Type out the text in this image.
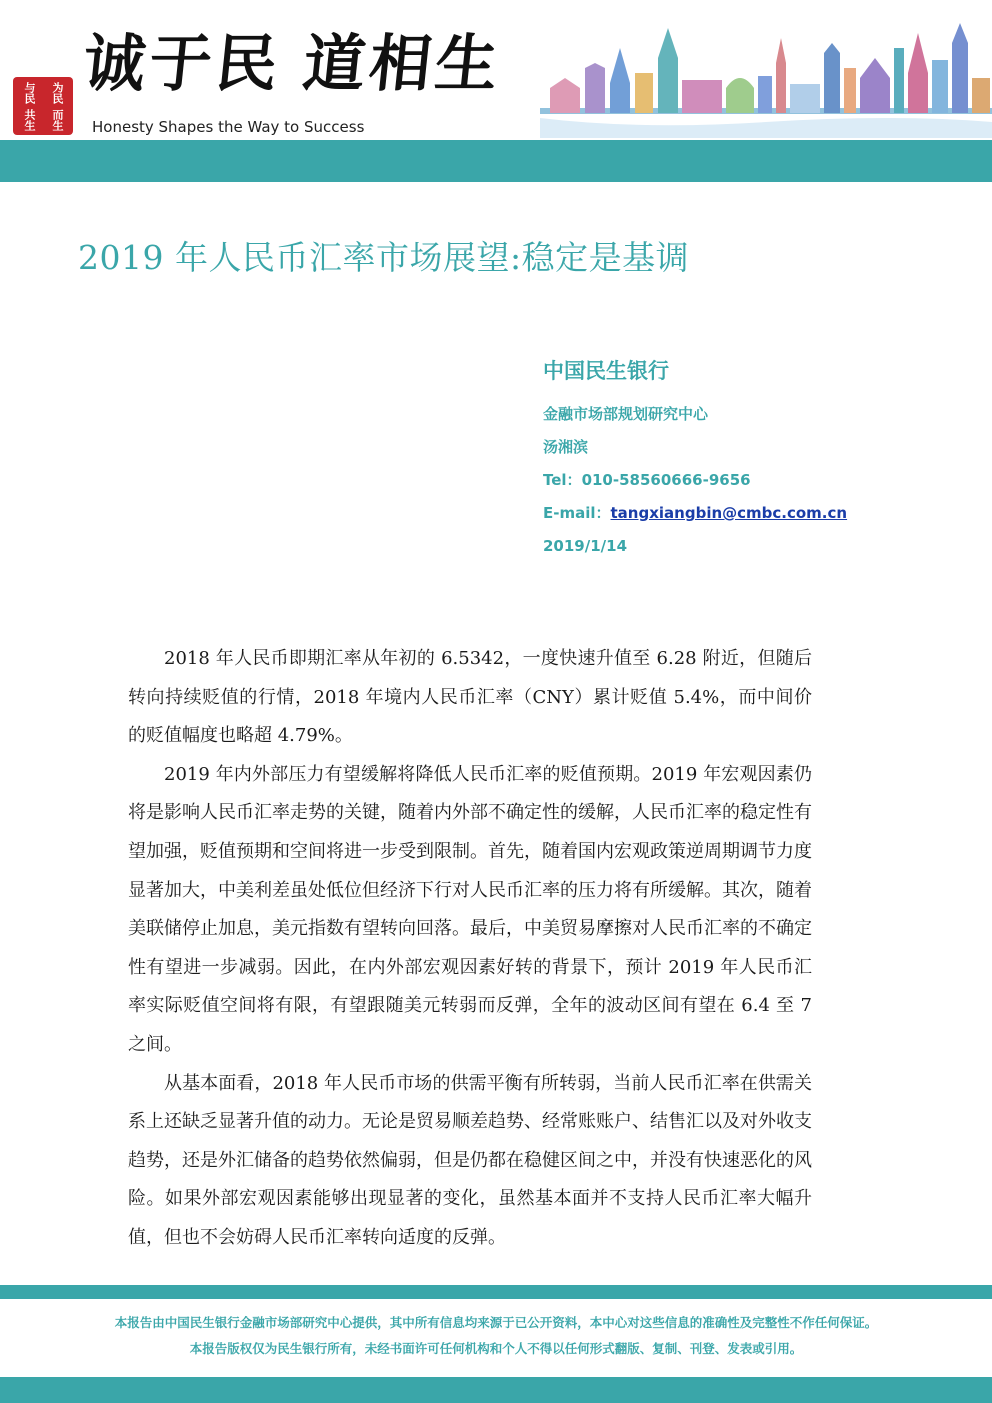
与民	为民
共生	而生
诚于民 道相生
Honesty Shapes the Way to Success
2019 年人民币汇率市场展望:稳定是基调
中国民生银行
金融市场部规划研究中心
汤湘滨
Tel：010-58560666-9656
E-mail：tangxiangbin@cmbc.com.cn
2019/1/14

2018 年人民币即期汇率从年初的 6.5342，一度快速升值至 6.28 附近，但随后转向持续贬值的行情，2018 年境内人民币汇率（CNY）累计贬值 5.4%，而中间价的贬值幅度也略超 4.79%。

2019 年内外部压力有望缓解将降低人民币汇率的贬值预期。2019 年宏观因素仍将是影响人民币汇率走势的关键，随着内外部不确定性的缓解，人民币汇率的稳定性有望加强，贬值预期和空间将进一步受到限制。首先，随着国内宏观政策逆周期调节力度显著加大，中美利差虽处低位但经济下行对人民币汇率的压力将有所缓解。其次，随着美联储停止加息，美元指数有望转向回落。最后，中美贸易摩擦对人民币汇率的不确定性有望进一步减弱。因此，在内外部宏观因素好转的背景下，预计 2019 年人民币汇率实际贬值空间将有限，有望跟随美元转弱而反弹，全年的波动区间有望在 6.4 至 7 之间。

从基本面看，2018 年人民币市场的供需平衡有所转弱，当前人民币汇率在供需关系上还缺乏显著升值的动力。无论是贸易顺差趋势、经常账账户、结售汇以及对外收支趋势，还是外汇储备的趋势依然偏弱，但是仍都在稳健区间之中，并没有快速恶化的风险。如果外部宏观因素能够出现显著的变化，虽然基本面并不支持人民币汇率大幅升值，但也不会妨碍人民币汇率转向适度的反弹。

本报告由中国民生银行金融市场部研究中心提供，其中所有信息均来源于已公开资料，本中心对这些信息的准确性及完整性不作任何保证。
本报告版权仅为民生银行所有，未经书面许可任何机构和个人不得以任何形式翻版、复制、刊登、发表或引用。
